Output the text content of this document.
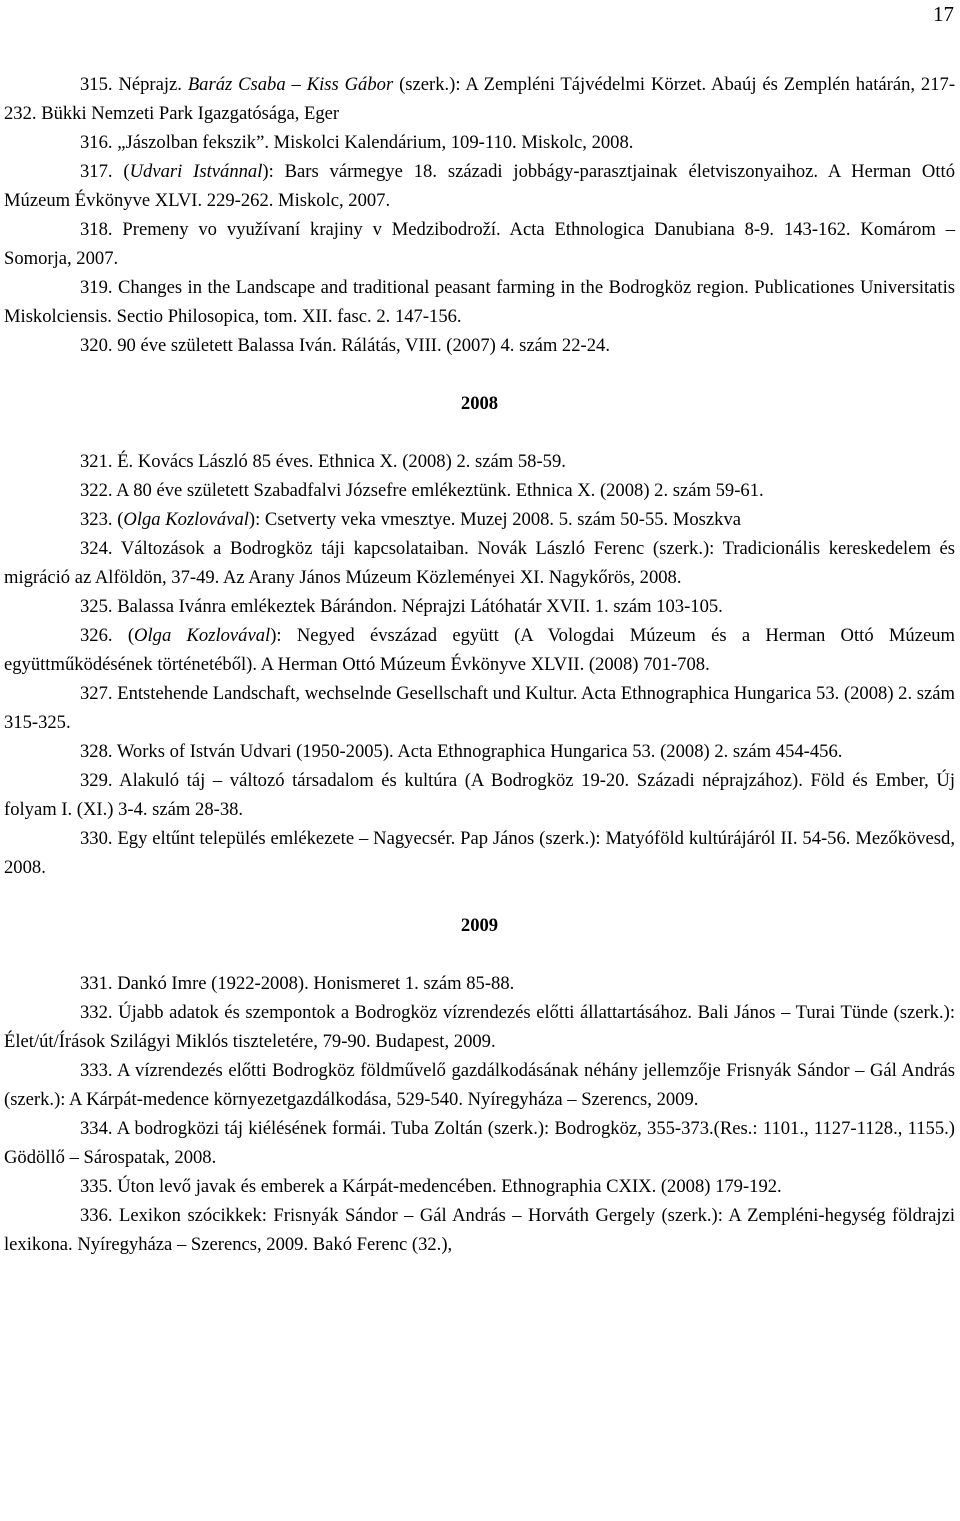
17

315. Néprajz. Baráz Csaba – Kiss Gábor (szerk.): A Zempléni Tájvédelmi Körzet. Abaúj és Zemplén határán, 217-232. Bükki Nemzeti Park Igazgatósága, Eger

316. „Jászolban fekszik”. Miskolci Kalendárium, 109-110. Miskolc, 2008.

317. (Udvari Istvánnal): Bars vármegye 18. századi jobbágy-parasztjainak életviszonyaihoz. A Herman Ottó Múzeum Évkönyve XLVI. 229-262. Miskolc, 2007.

318. Premeny vo využívaní krajiny v Medzibodroží. Acta Ethnologica Danubiana 8-9. 143-162. Komárom – Somorja, 2007.

319. Changes in the Landscape and traditional peasant farming in the Bodrogköz region. Publicationes Universitatis Miskolciensis. Sectio Philosopica, tom. XII. fasc. 2. 147-156.

320. 90 éve született Balassa Iván. Rálátás, VIII. (2007) 4. szám 22-24.

2008

321. É. Kovács László 85 éves. Ethnica X. (2008) 2. szám 58-59.

322. A 80 éve született Szabadfalvi Józsefre emlékeztünk. Ethnica X. (2008) 2. szám 59-61.

323. (Olga Kozlovával): Csetverty veka vmesztye. Muzej 2008. 5. szám 50-55. Moszkva

324. Változások a Bodrogköz táji kapcsolataiban. Novák László Ferenc (szerk.): Tradicionális kereskedelem és migráció az Alföldön, 37-49. Az Arany János Múzeum Közleményei XI. Nagykőrös, 2008.

325. Balassa Ivánra emlékeztek Bárándon. Néprajzi Látóhatár XVII. 1. szám 103-105.

326. (Olga Kozlovával): Negyed évszázad együtt (A Vologdai Múzeum és a Herman Ottó Múzeum együttműködésének történetéből). A Herman Ottó Múzeum Évkönyve XLVII. (2008) 701-708.

327. Entstehende Landschaft, wechselnde Gesellschaft und Kultur. Acta Ethnographica Hungarica 53. (2008) 2. szám 315-325.

328. Works of István Udvari (1950-2005). Acta Ethnographica Hungarica 53. (2008) 2. szám 454-456.

329. Alakuló táj – változó társadalom és kultúra (A Bodrogköz 19-20. Századi néprajzához). Föld és Ember, Új folyam I. (XI.) 3-4. szám 28-38.

330. Egy eltűnt település emlékezete – Nagyecsér. Pap János (szerk.): Matyóföld kultúrájáról II. 54-56. Mezőkövesd, 2008.

2009

331. Dankó Imre (1922-2008). Honismeret 1. szám 85-88.

332. Újabb adatok és szempontok a Bodrogköz vízrendezés előtti állattartásához. Bali János – Turai Tünde (szerk.): Élet/út/Írások Szilágyi Miklós tiszteletére, 79-90. Budapest, 2009.

333. A vízrendezés előtti Bodrogköz földművelő gazdálkodásának néhány jellemzője Frisnyák Sándor – Gál András (szerk.): A Kárpát-medence környezetgazdálkodása, 529-540. Nyíregyháza – Szerencs, 2009.

334. A bodrogközi táj kiélésének formái. Tuba Zoltán (szerk.): Bodrogköz, 355-373.(Res.: 1101., 1127-1128., 1155.) Gödöllő – Sárospatak, 2008.

335. Úton levő javak és emberek a Kárpát-medencében. Ethnographia CXIX. (2008) 179-192.

336. Lexikon szócikkek: Frisnyák Sándor – Gál András – Horváth Gergely (szerk.): A Zempléni-hegység földrajzi lexikona. Nyíregyháza – Szerencs, 2009. Bakó Ferenc (32.),
